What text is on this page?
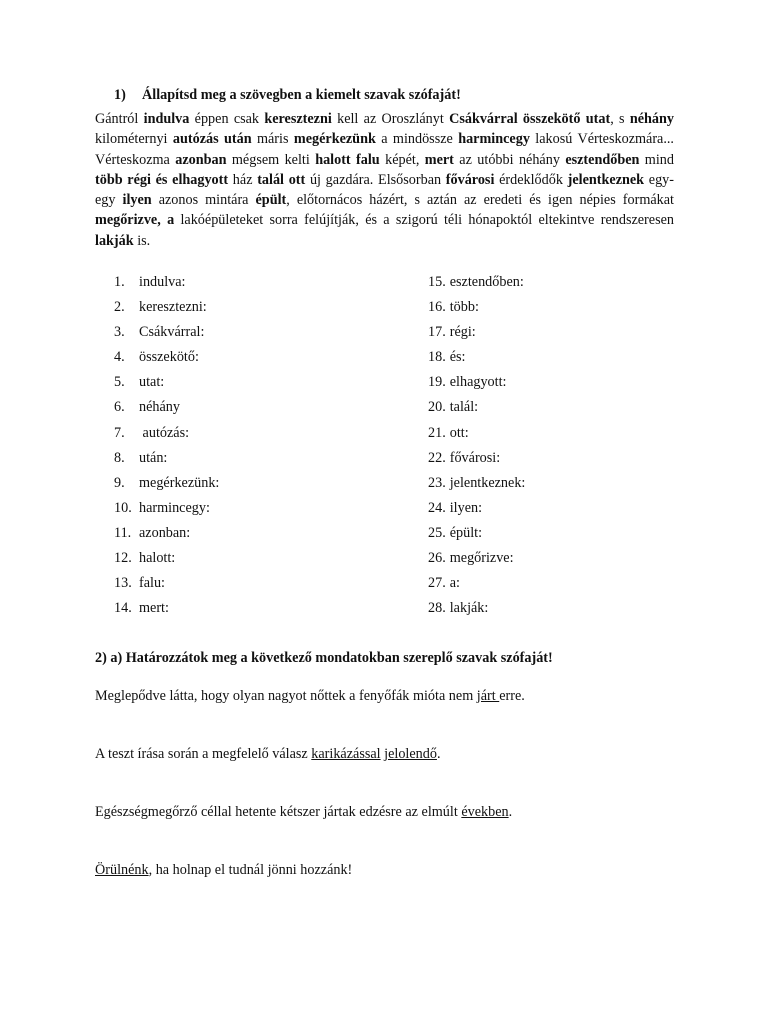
1) Állapítsd meg a szövegben a kiemelt szavak szófaját!
Gántról indulva éppen csak keresztezni kell az Oroszlányt Csákvárral összekötő utat, s néhány kilométernyi autózás után máris megérkezünk a mindössze harmincegy lakosú Vérteskozmára... Vérteskozma azonban mégsem kelti halott falu képét, mert az utóbbi néhány esztendőben mind több régi és elhagyott ház talál ott új gazdára. Elsősorban fővárosi érdeklődők jelentkeznek egy-egy ilyen azonos mintára épült, előtornácos házért, s aztán az eredeti és igen népies formákat megőrizve, a lakóépületeket sorra felújítják, és a szigorú téli hónapoktól eltekintve rendszeresen lakják is.
1. indulva:
2. keresztezni:
3. Csákvárral:
4. összekötő:
5. utat:
6. néhány
7. autózás:
8. után:
9. megérkezünk:
10. harmincegy:
11. azonban:
12. halott:
13. falu:
14. mert:
15. esztendőben:
16. több:
17. régi:
18. és:
19. elhagyott:
20. talál:
21. ott:
22. fővárosi:
23. jelentkeznek:
24. ilyen:
25. épült:
26. megőrizve:
27. a:
28. lakják:
2) a) Határozzátok meg a következő mondatokban szereplő szavak szófaját!
Meglepődve látta, hogy olyan nagyot nőttek a fenyőfák mióta nem járt erre.
A teszt írása során a megfelelő válasz karikázással jelolendő.
Egészségmegőrző céllal hetente kétszer jártak edzésre az elmúlt években.
Örülnénk, ha holnap el tudnál jönni hozzánk!
